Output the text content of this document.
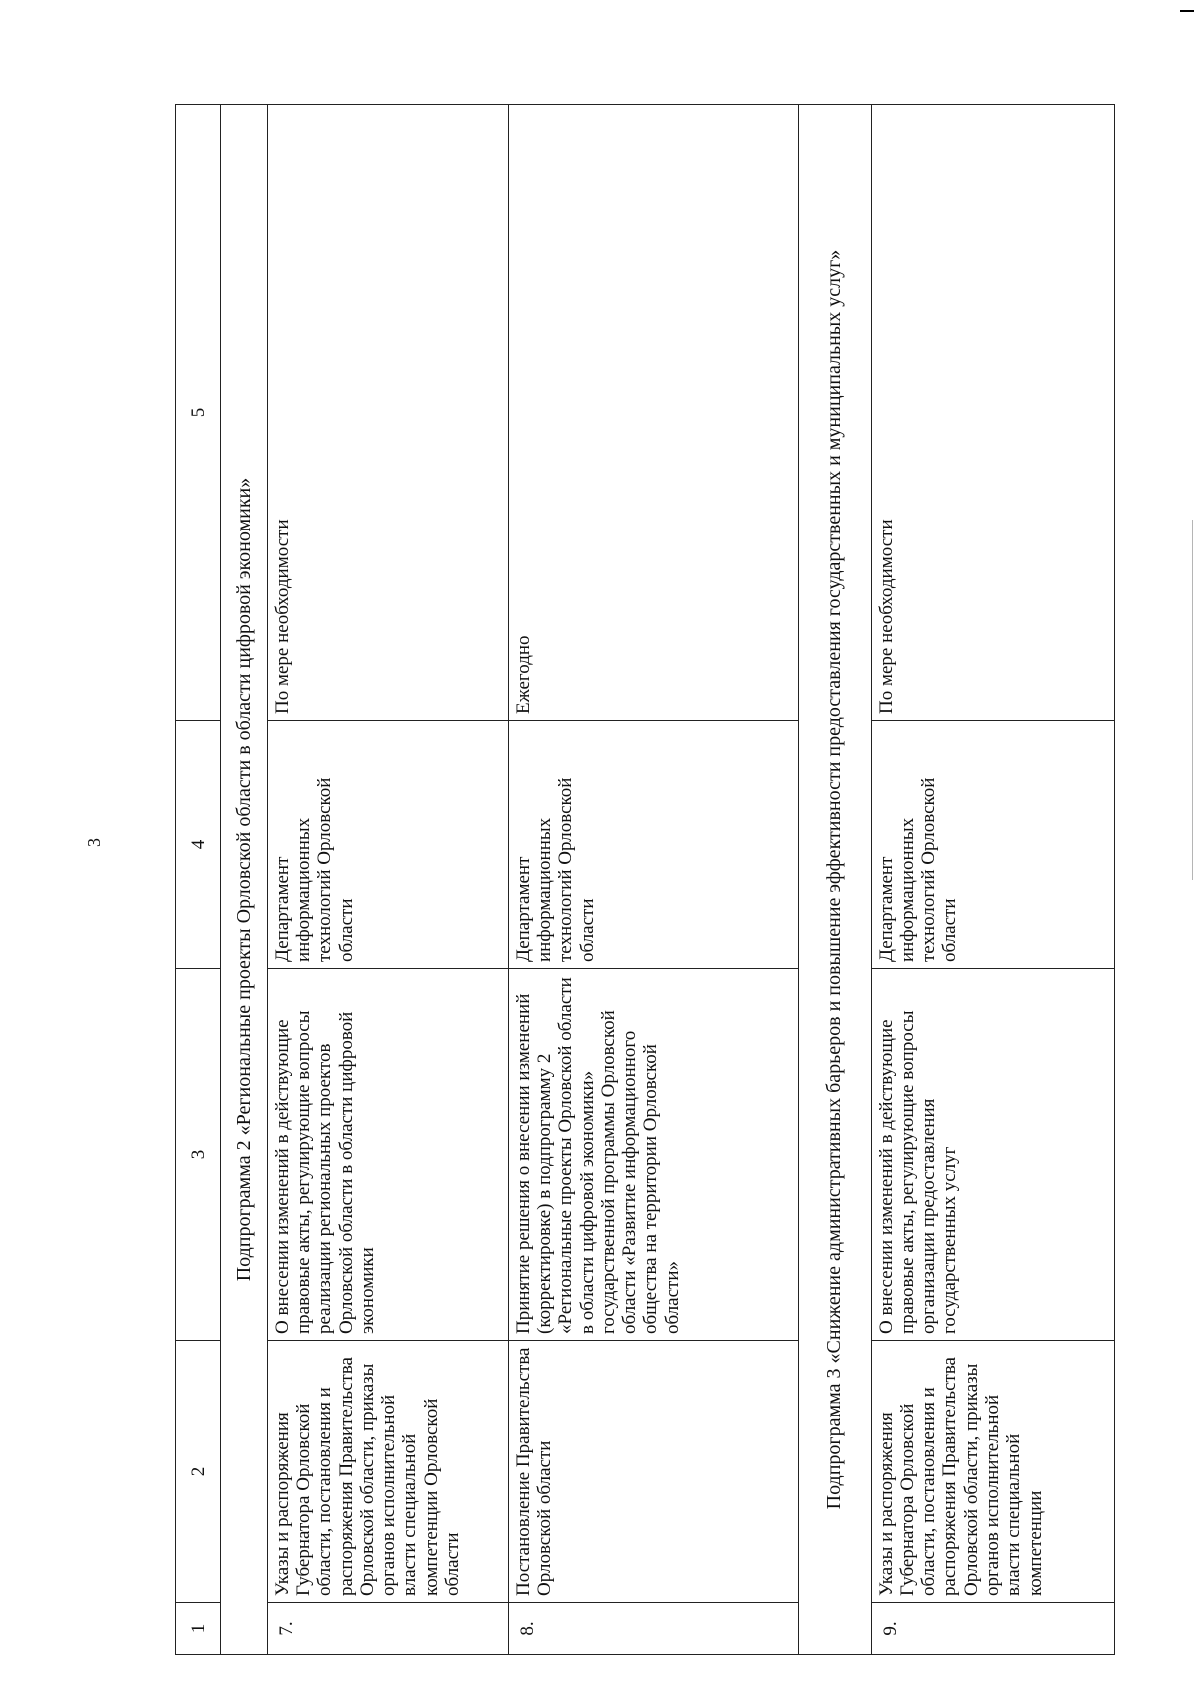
3
1	2	3	4	5
Подпрограмма 2 «Региональные проекты Орловской области в области цифровой экономики»				
7.	Указы и распоряжения Губернатора Орловской области, постановления и распоряжения Правительства Орловской области, приказы органов исполнительной власти специальной компетенции Орловской области	О внесении изменений в действующие правовые акты, регулирующие вопросы реализации региональных проектов Орловской области в области цифровой экономики	Департамент информационных технологий Орловской области	По мере необходимости
8.	Постановление Правительства Орловской области	Принятие решения о внесении изменений (корректировке) в подпрограмму 2 «Региональные проекты Орловской области в области цифровой экономики» государственной программы Орловской области «Развитие информационного общества на территории Орловской области»	Департамент информационных технологий Орловской области	Ежегодно
Подпрограмма 3 «Снижение административных барьеров и повышение эффективности предоставления государственных и муниципальных услуг»				
9.	Указы и распоряжения Губернатора Орловской области, постановления и распоряжения Правительства Орловской области, приказы органов исполнительной власти специальной компетенции	О внесении изменений в действующие правовые акты, регулирующие вопросы организации предоставления государственных услуг	Департамент информационных технологий Орловской области	По мере необходимости
